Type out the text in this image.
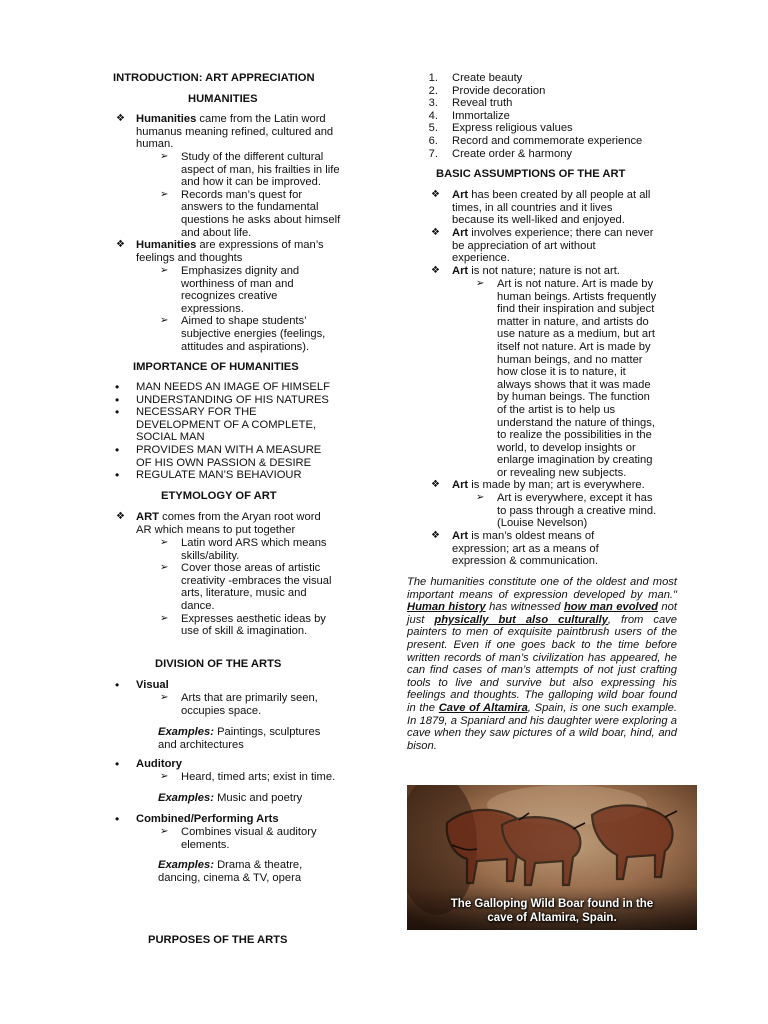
INTRODUCTION: ART APPRECIATION
HUMANITIES
❖ Humanities came from the Latin word
humanus meaning refined, cultured and
human.
➢ Study of the different cultural
aspect of man, his frailties in life
and how it can be improved.
➢ Records man’s quest for
answers to the fundamental
questions he asks about himself
and about life.
❖ Humanities are expressions of man’s
feelings and thoughts
➢ Emphasizes dignity and
worthiness of man and
recognizes creative
expressions.
➢ Aimed to shape students’
subjective energies (feelings,
attitudes and aspirations).
IMPORTANCE OF HUMANITIES
• MAN NEEDS AN IMAGE OF HIMSELF
• UNDERSTANDING OF HIS NATURES
• NECESSARY FOR THE
DEVELOPMENT OF A COMPLETE,
SOCIAL MAN
• PROVIDES MAN WITH A MEASURE
OF HIS OWN PASSION & DESIRE
• REGULATE MAN’S BEHAVIOUR
ETYMOLOGY OF ART
❖ ART comes from the Aryan root word
AR which means to put together
➢ Latin word ARS which means
skills/ability.
➢ Cover those areas of artistic
creativity -embraces the visual
arts, literature, music and
dance.
➢ Expresses aesthetic ideas by
use of skill & imagination.
DIVISION OF THE ARTS
• Visual
➢ Arts that are primarily seen,
occupies space.
Examples: Paintings, sculptures
and architectures
• Auditory
➢ Heard, timed arts; exist in time.
Examples: Music and poetry
• Combined/Performing Arts
➢ Combines visual & auditory
elements.
Examples: Drama & theatre,
dancing, cinema & TV, opera
PURPOSES OF THE ARTS
1. Create beauty
2. Provide decoration
3. Reveal truth
4. Immortalize
5. Express religious values
6. Record and commemorate experience
7. Create order & harmony
BASIC ASSUMPTIONS OF THE ART
❖ Art has been created by all people at all
times, in all countries and it lives
because its well-liked and enjoyed.
❖ Art involves experience; there can never
be appreciation of art without
experience.
❖ Art is not nature; nature is not art.
➢ Art is not nature. Art is made by
human beings. Artists frequently
find their inspiration and subject
matter in nature, and artists do
use nature as a medium, but art
itself not nature. Art is made by
human beings, and no matter
how close it is to nature, it
always shows that it was made
by human beings. The function
of the artist is to help us
understand the nature of things,
to realize the possibilities in the
world, to develop insights or
enlarge imagination by creating
or revealing new subjects.
❖ Art is made by man; art is everywhere.
➢ Art is everywhere, except it has
to pass through a creative mind.
(Louise Nevelson)
❖ Art is man’s oldest means of
expression; art as a means of
expression & communication.
The humanities constitute one of the oldest and most important means of expression developed by man." Human history has witnessed how man evolved not just physically but also culturally, from cave painters to men of exquisite paintbrush users of the present. Even if one goes back to the time before written records of man’s civilization has appeared, he can find cases of man’s attempts of not just crafting tools to live and survive but also expressing his feelings and thoughts. The galloping wild boar found in the Cave of Altamira, Spain, is one such example. In 1879, a Spaniard and his daughter were exploring a cave when they saw pictures of a wild boar, hind, and bison.
The Galloping Wild Boar found in the
cave of Altamira, Spain.
